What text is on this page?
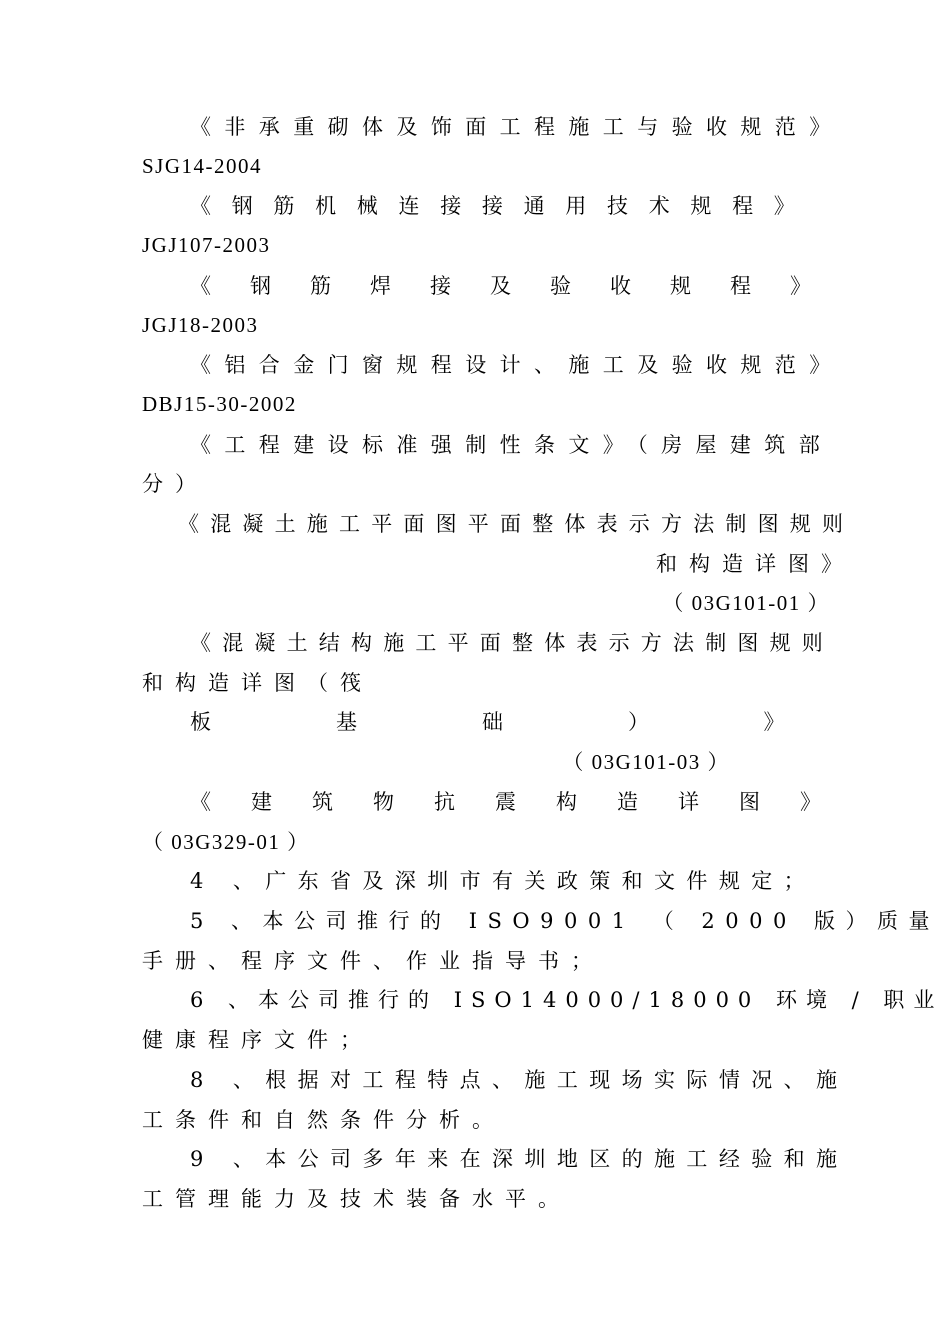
《非承重砌体及饰面工程施工与验收规范》
SJG14-2004
《钢筋机械连接接通用技术规程》
JGJ107-2003
《钢筋焊接及验收规程》
JGJ18-2003
《铝合金门窗规程设计、施工及验收规范》
DBJ15-30-2002
《工程建设标准强制性条文》（房屋建筑部
分）
《混凝土施工平面图平面整体表示方法制图规则
和构造详图》
（ 03G101-01 ）
《混凝土结构施工平面整体表示方法制图规则
和构造详图（筏
板基础）》
（ 03G101-03 ）
《建筑物抗震构造详图》
（ 03G329-01 ）
4 、广东省及深圳市有关政策和文件规定；
5 、本公司推行的 ISO9001 （ 2000 版）质量
手册、程序文件、作业指导书；
6 、本公司推行的 ISO14000/18000 环境 / 职业
健康程序文件；
8 、根据对工程特点、施工现场实际情况、施
工条件和自然条件分析。
9 、本公司多年来在深圳地区的施工经验和施
工管理能力及技术装备水平。
